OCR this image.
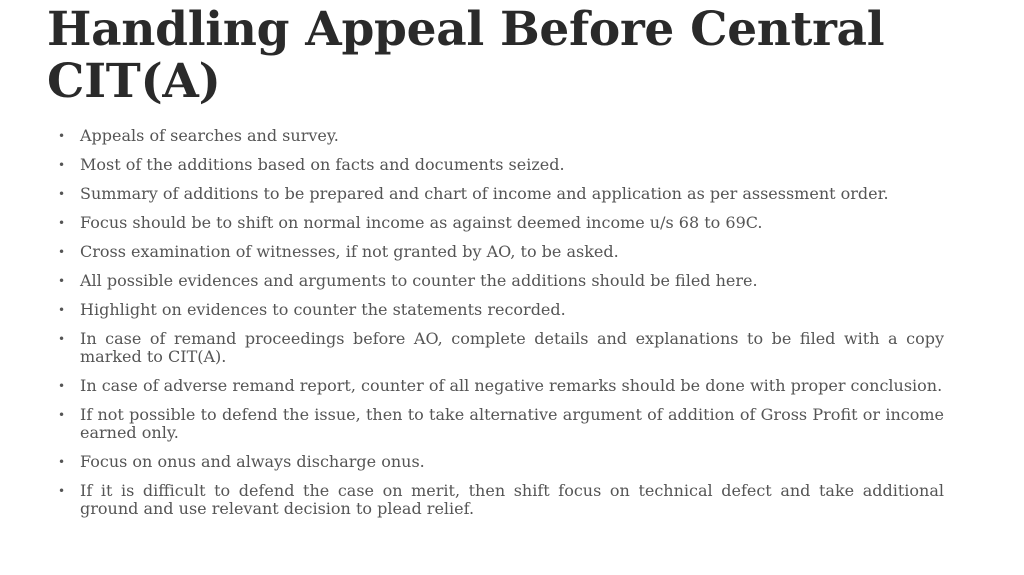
Handling Appeal Before Central CIT(A)
• Appeals of searches and survey.
• Most of the additions based on facts and documents seized.
• Summary of additions to be prepared and chart of income and application as per assessment order.
• Focus should be to shift on normal income as against deemed income u/s 68 to 69C.
• Cross examination of witnesses, if not granted by AO, to be asked.
• All possible evidences and arguments to counter the additions should be filed here.
• Highlight on evidences to counter the statements recorded.
• In case of remand proceedings before AO, complete details and explanations to be filed with a copy marked to CIT(A).
• In case of adverse remand report, counter of all negative remarks should be done with proper conclusion.
• If not possible to defend the issue, then to take alternative argument of addition of Gross Profit or income earned only.
• Focus on onus and always discharge onus.
• If it is difficult to defend the case on merit, then shift focus on technical defect and take additional ground and use relevant decision to plead relief.
